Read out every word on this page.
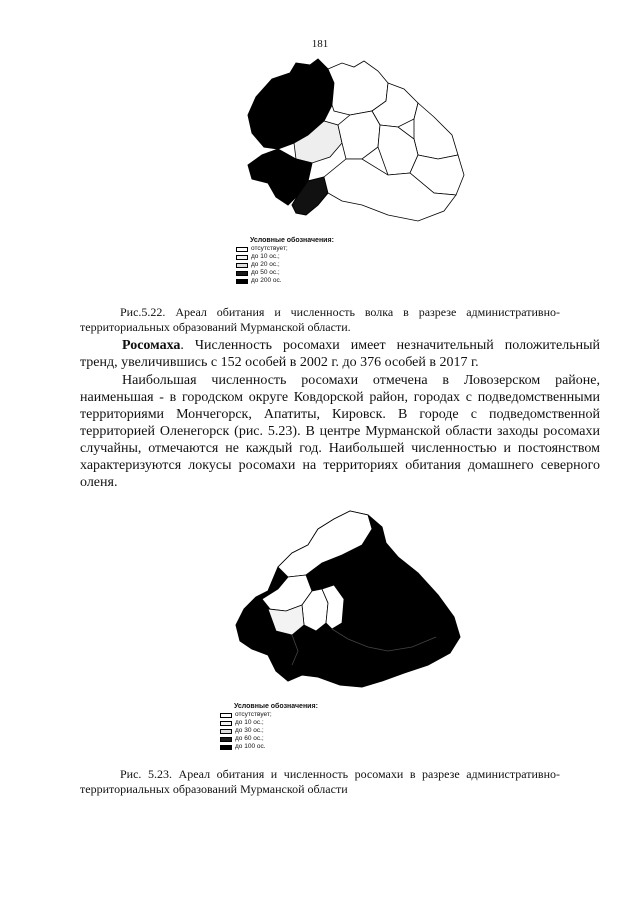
181
Условные обозначения:
отсутствует;
до 10 ос.;
до 20 ос.;
до 50 ос.;
до 200 ос.
Рис.5.22. Ареал обитания и численность волка в разрезе административно-
территориальных образований Мурманской области.

Росомаха. Численность росомахи имеет незначительный положительный тренд, увеличившись с 152 особей в 2002 г. до 376 особей в 2017 г.

Наибольшая численность росомахи отмечена в Ловозерском районе, наименьшая - в городском округе Ковдорской район, городах с подведомственными территориями Мончегорск, Апатиты, Кировск. В городе с подведомственной территорией Оленегорск (рис. 5.23). В центре Мурманской области заходы росомахи случайны, отмечаются не каждый год. Наибольшей численностью и постоянством характеризуются локусы росомахи на территориях обитания домашнего северного оленя.

Условные обозначения:
отсутствует;
до 10 ос.;
до 30 ос.;
до 60 ос.;
до 100 ос.
Рис. 5.23. Ареал обитания и численность росомахи в разрезе административно-
территориальных образований Мурманской области
